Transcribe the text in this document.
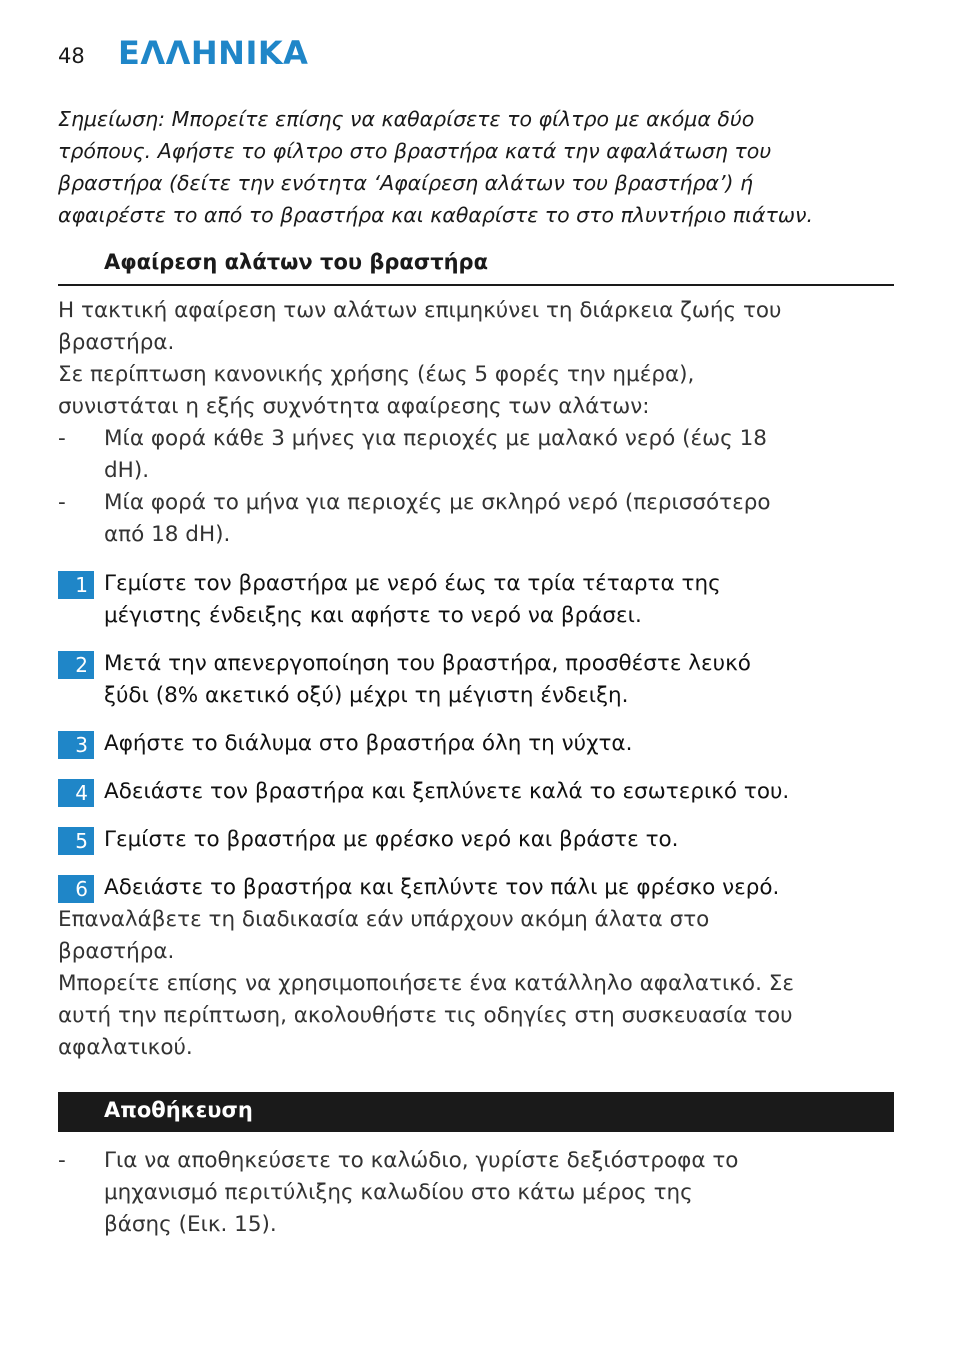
48 ΕΛΛΗΝΙΚΑ
Σημείωση: Μπορείτε επίσης να καθαρίσετε το φίλτρο με ακόμα δύο
τρόπους. Αφήστε το φίλτρο στο βραστήρα κατά την αφαλάτωση του
βραστήρα (δείτε την ενότητα ‘Αφαίρεση αλάτων του βραστήρα’) ή
αφαιρέστε το από το βραστήρα και καθαρίστε το στο πλυντήριο πιάτων.
Αφαίρεση αλάτων του βραστήρα
Η τακτική αφαίρεση των αλάτων επιμηκύνει τη διάρκεια ζωής του
βραστήρα.
Σε περίπτωση κανονικής χρήσης (έως 5 φορές την ημέρα),
συνιστάται η εξής συχνότητα αφαίρεσης των αλάτων:
- Μία φορά κάθε 3 μήνες για περιοχές με μαλακό νερό (έως 18
dH).
- Μία φορά το μήνα για περιοχές με σκληρό νερό (περισσότερο
από 18 dH).
1 Γεμίστε τον βραστήρα με νερό έως τα τρία τέταρτα της
μέγιστης ένδειξης και αφήστε το νερό να βράσει.
2 Μετά την απενεργοποίηση του βραστήρα, προσθέστε λευκό
ξύδι (8% ακετικό οξύ) μέχρι τη μέγιστη ένδειξη.
3 Αφήστε το διάλυμα στο βραστήρα όλη τη νύχτα.
4 Αδειάστε τον βραστήρα και ξεπλύνετε καλά το εσωτερικό του.
5 Γεμίστε το βραστήρα με φρέσκο νερό και βράστε το.
6 Αδειάστε το βραστήρα και ξεπλύντε τον πάλι με φρέσκο νερό.
Επαναλάβετε τη διαδικασία εάν υπάρχουν ακόμη άλατα στο
βραστήρα.
Μπορείτε επίσης να χρησιμοποιήσετε ένα κατάλληλο αφαλατικό. Σε
αυτή την περίπτωση, ακολουθήστε τις οδηγίες στη συσκευασία του
αφαλατικού.
Αποθήκευση
- Για να αποθηκεύσετε το καλώδιο, γυρίστε δεξιόστροφα το
μηχανισμό περιτύλιξης καλωδίου στο κάτω μέρος της
βάσης (Εικ. 15).
